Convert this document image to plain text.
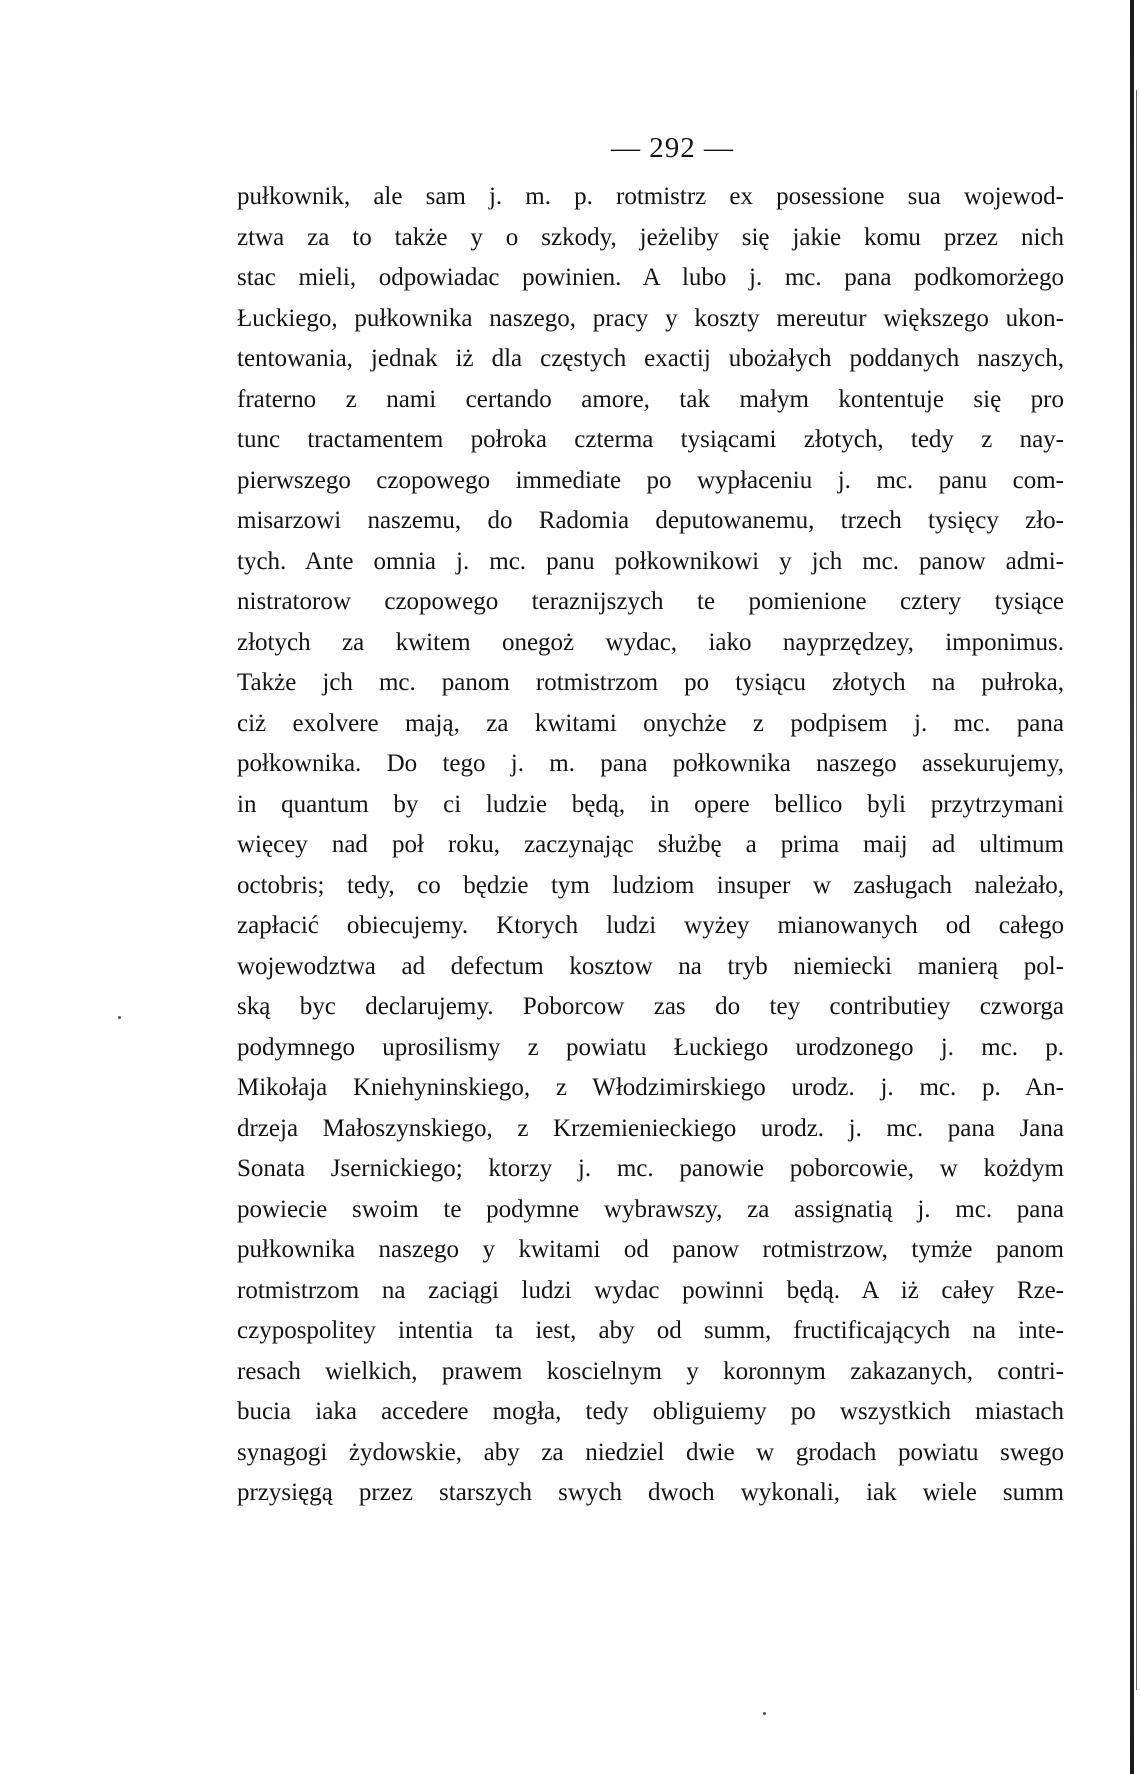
— 292 —
pułkownik, ale sam j. m. p. rotmistrz ex posessione sua wojewod-
ztwa za to także y o szkody, jeżeliby się jakie komu przez nich
stac mieli, odpowiadac powinien. A lubo j. mc. pana podkomorżego
Łuckiego, pułkownika naszego, pracy y koszty mereutur większego ukon-
tentowania, jednak iż dla częstych exactij ubożałych poddanych naszych,
fraterno z nami certando amore, tak małym kontentuje się pro
tunc tractamentem połroka czterma tysiącami złotych, tedy z nay-
pierwszego czopowego immediate po wypłaceniu j. mc. panu com-
misarzowi naszemu, do Radomia deputowanemu, trzech tysięcy zło-
tych. Ante omnia j. mc. panu połkownikowi y jch mc. panow admi-
nistratorow czopowego teraznijszych te pomienione cztery tysiące
złotych za kwitem onegoż wydac, iako nayprzędzey, imponimus.
Także jch mc. panom rotmistrzom po tysiącu złotych na pułroka,
ciż exolvere mają, za kwitami onychże z podpisem j. mc. pana
połkownika. Do tego j. m. pana połkownika naszego assekurujemy,
in quantum by ci ludzie będą, in opere bellico byli przytrzymani
więcey nad poł roku, zaczynając służbę a prima maij ad ultimum
octobris; tedy, co będzie tym ludziom insuper w zasługach należało,
zapłacić obiecujemy. Ktorych ludzi wyżey mianowanych od całego
wojewodztwa ad defectum kosztow na tryb niemiecki manierą pol-
ską byc declarujemy. Poborcow zas do tey contributiey czworga
podymnego uprosilismy z powiatu Łuckiego urodzonego j. mc. p.
Mikołaja Kniehyninskiego, z Włodzimirskiego urodz. j. mc. p. An-
drzeja Małoszynskiego, z Krzemienieckiego urodz. j. mc. pana Jana
Sonata Jsernickiego; ktorzy j. mc. panowie poborcowie, w kożdym
powiecie swoim te podymne wybrawszy, za assignatią j. mc. pana
pułkownika naszego y kwitami od panow rotmistrzow, tymże panom
rotmistrzom na zaciągi ludzi wydac powinni będą. A iż całey Rze-
czypospolitey intentia ta iest, aby od summ, fructificających na inte-
resach wielkich, prawem koscielnym y koronnym zakazanych, contri-
bucia iaka accedere mogła, tedy obliguiemy po wszystkich miastach
synagogi żydowskie, aby za niedziel dwie w grodach powiatu swego
przysięgą przez starszych swych dwoch wykonali, iak wiele summ
